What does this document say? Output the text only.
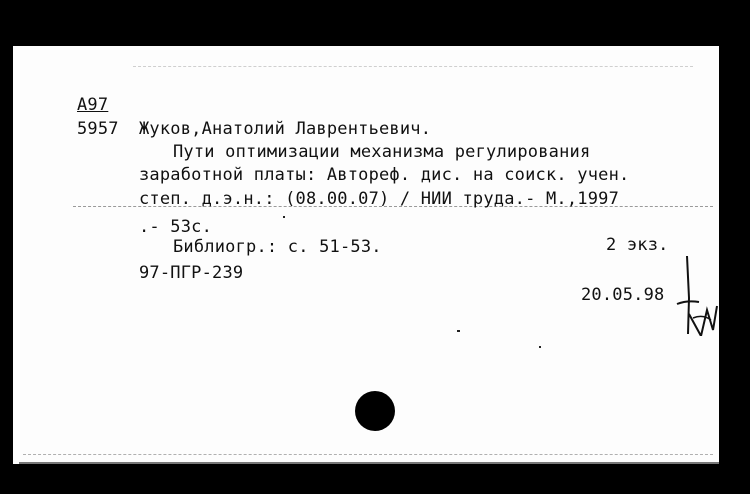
А97
5957 Жуков,Анатолий Лаврентьевич.
Пути оптимизации механизма регулирования
заработной платы: Автореф. дис. на соиск. учен.
степ. д.э.н.: (08.00.07) / НИИ труда.- М.,1997
.- 53с.
Библиогр.: с. 51-53.	2 экз.
97-ПГР-239
20.05.98
